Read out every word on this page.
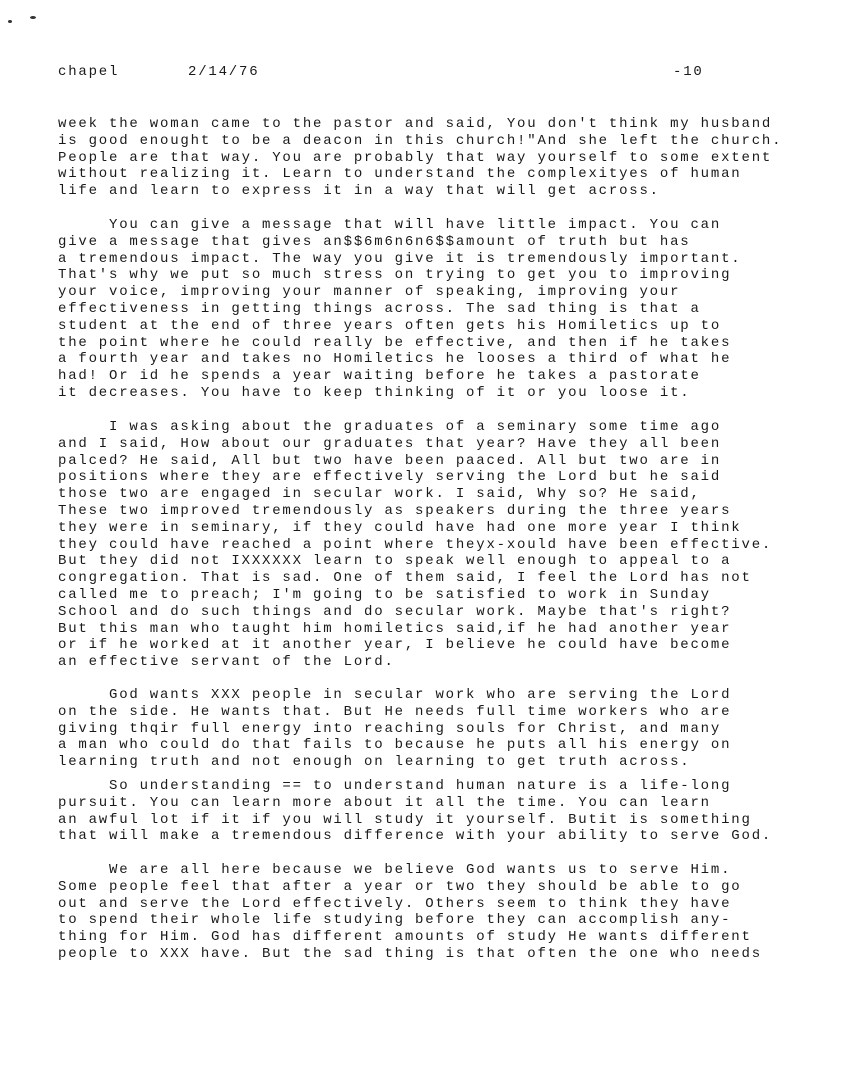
chapel	2/14/76	-10
week the woman came to the pastor and said, You don't think my husband
is good enought to be a deacon in this church!"And she left the church.
People are that way. You are probably that way yourself to some extent
without realizing it. Learn to understand the complexityes of human
life and learn to express it in a way that will get across.
You can give a message that will have little impact. You can
give a message that gives an$$6m6n6n6$$amount of truth but has
a tremendous impact. The way you give it is tremendously important.
That's why we put so much stress on trying to get you to improving
your voice, improving your manner of speaking, improving your
effectiveness in getting things across. The sad thing is that a
student at the end of three years often gets his Homiletics up to
the point where he could really be effective, and then if he takes
a fourth year and takes no Homiletics he looses a third of what he
had! Or id he spends a year waiting before he takes a pastorate
it decreases. You have to keep thinking of it or you loose it.
I was asking about the graduates of a seminary some time ago
and I said, How about our graduates that year? Have they all been
palced? He said, All but two have been paaced. All but two are in
positions where they are effectively serving the Lord but he said
those two are engaged in secular work. I said, Why so? He said,
These two improved tremendously as speakers during the three years
they were in seminary, if they could have had one more year I think
they could have reached a point where theyx-xould have been effective.
But they did not IXXXXXX learn to speak well enough to appeal to a
congregation. That is sad. One of them said, I feel the Lord has not
called me to preach; I'm going to be satisfied to work in Sunday
School and do such things and do secular work. Maybe that's right?
But this man who taught him homiletics said,if he had another year
or if he worked at it another year, I believe he could have become
an effective servant of the Lord.
God wants XXX people in secular work who are serving the Lord
on the side. He wants that. But He needs full time workers who are
giving thqir full energy into reaching souls for Christ, and many
a man who could do that fails to because he puts all his energy on
learning truth and not enough on learning to get truth across.
So understanding == to understand human nature is a life-long
pursuit. You can learn more about it all the time. You can learn
an awful lot if it if you will study it yourself. Butit is something
that will make a tremendous difference with your ability to serve God.
We are all here because we believe God wants us to serve Him.
Some people feel that after a year or two they should be able to go
out and serve the Lord effectively. Others seem to think they have
to spend their whole life studying before they can accomplish any-
thing for Him. God has different amounts of study He wants different
people to XXX have. But the sad thing is that often the one who needs
